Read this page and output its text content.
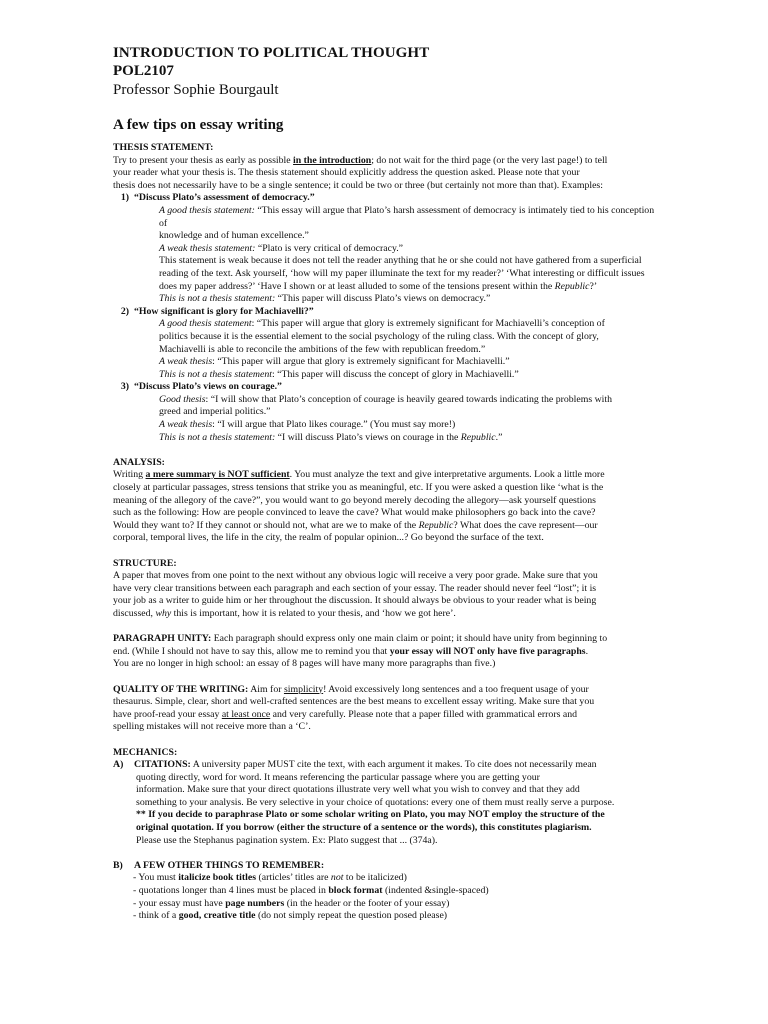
INTRODUCTION TO POLITICAL THOUGHT
POL2107
Professor Sophie Bourgault
A few tips on essay writing

THESIS STATEMENT:

Try to present your thesis as early as possible in the introduction; do not wait for the third page (or the very last page!) to tell

your reader what your thesis is. The thesis statement should explicitly address the question asked. Please note that your

thesis does not necessarily have to be a single sentence; it could be two or three (but certainly not more than that). Examples:

1) “Discuss Plato’s assessment of democracy.”

A good thesis statement: “This essay will argue that Plato’s harsh assessment of democracy is intimately tied to his conception of

knowledge and of human excellence.”

A weak thesis statement: “Plato is very critical of democracy.”

This statement is weak because it does not tell the reader anything that he or she could not have gathered from a superficial

reading of the text. Ask yourself, ‘how will my paper illuminate the text for my reader?’ ‘What interesting or difficult issues

does my paper address?’ ‘Have I shown or at least alluded to some of the tensions present within the Republic?’

This is not a thesis statement: “This paper will discuss Plato’s views on democracy.”

2) “How significant is glory for Machiavelli?”

A good thesis statement: “This paper will argue that glory is extremely significant for Machiavelli’s conception of

politics because it is the essential element to the social psychology of the ruling class. With the concept of glory,

Machiavelli is able to reconcile the ambitions of the few with republican freedom.”

A weak thesis: “This paper will argue that glory is extremely significant for Machiavelli.”

This is not a thesis statement: “This paper will discuss the concept of glory in Machiavelli.”

3) “Discuss Plato’s views on courage.”

Good thesis: “I will show that Plato’s conception of courage is heavily geared towards indicating the problems with

greed and imperial politics.”

A weak thesis: “I will argue that Plato likes courage.” (You must say more!)

This is not a thesis statement: “I will discuss Plato’s views on courage in the Republic.”

ANALYSIS:

Writing a mere summary is NOT sufficient. You must analyze the text and give interpretative arguments. Look a little more

closely at particular passages, stress tensions that strike you as meaningful, etc. If you were asked a question like ‘what is the

meaning of the allegory of the cave?”, you would want to go beyond merely decoding the allegory—ask yourself questions

such as the following: How are people convinced to leave the cave? What would make philosophers go back into the cave?

Would they want to? If they cannot or should not, what are we to make of the Republic? What does the cave represent—our

corporal, temporal lives, the life in the city, the realm of popular opinion...? Go beyond the surface of the text.

STRUCTURE:

A paper that moves from one point to the next without any obvious logic will receive a very poor grade. Make sure that you

have very clear transitions between each paragraph and each section of your essay. The reader should never feel “lost”; it is

your job as a writer to guide him or her throughout the discussion. It should always be obvious to your reader what is being

discussed, why this is important, how it is related to your thesis, and ‘how we got here’.

PARAGRAPH UNITY: Each paragraph should express only one main claim or point; it should have unity from beginning to

end. (While I should not have to say this, allow me to remind you that your essay will NOT only have five paragraphs.

You are no longer in high school: an essay of 8 pages will have many more paragraphs than five.)

QUALITY OF THE WRITING: Aim for simplicity! Avoid excessively long sentences and a too frequent usage of your

thesaurus. Simple, clear, short and well-crafted sentences are the best means to excellent essay writing. Make sure that you

have proof-read your essay at least once and very carefully. Please note that a paper filled with grammatical errors and

spelling mistakes will not receive more than a ‘C’.

MECHANICS:

A)	CITATIONS: A university paper MUST cite the text, with each argument it makes. To cite does not necessarily mean

quoting directly, word for word. It means referencing the particular passage where you are getting your

information. Make sure that your direct quotations illustrate very well what you wish to convey and that they add

something to your analysis. Be very selective in your choice of quotations: every one of them must really serve a purpose.

** If you decide to paraphrase Plato or some scholar writing on Plato, you may NOT employ the structure of the

original quotation. If you borrow (either the structure of a sentence or the words), this constitutes plagiarism.

Please use the Stephanus pagination system. Ex: Plato suggest that ... (374a).

B)	A FEW OTHER THINGS TO REMEMBER:

- You must italicize book titles (articles’ titles are not to be italicized)

- quotations longer than 4 lines must be placed in block format (indented &single-spaced)

- your essay must have page numbers (in the header or the footer of your essay)

- think of a good, creative title (do not simply repeat the question posed please)
